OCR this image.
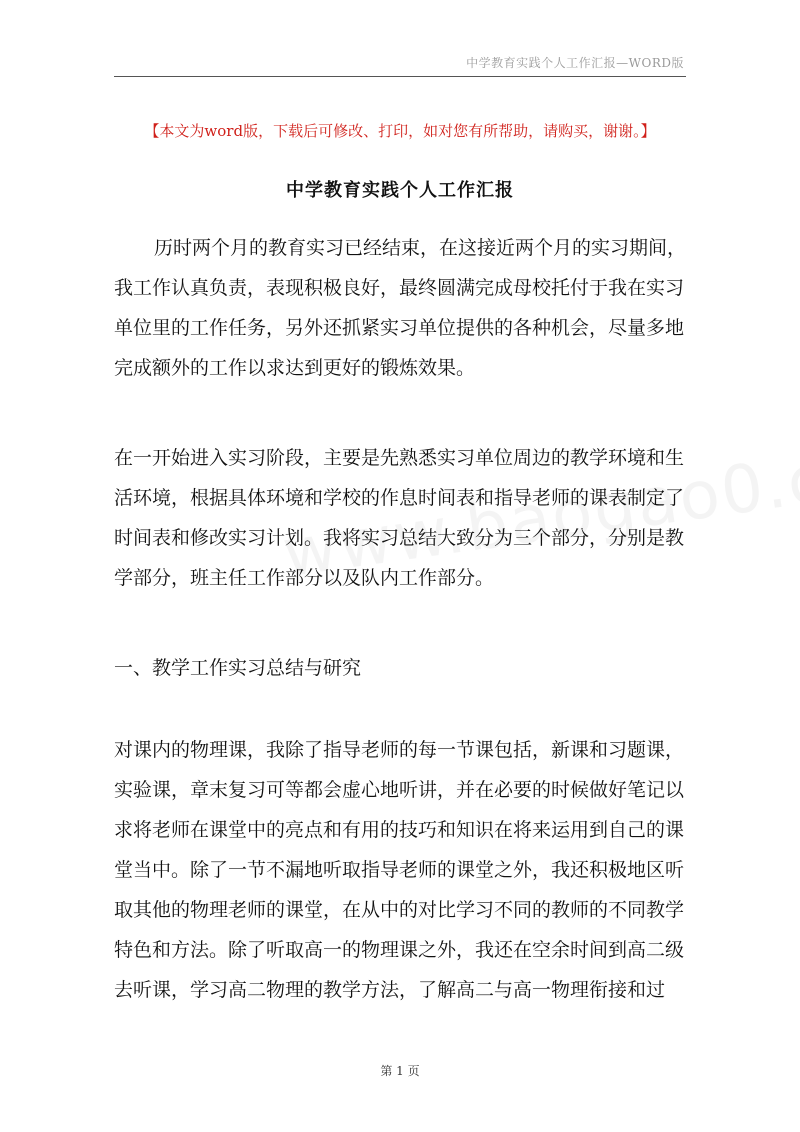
中学教育实践个人工作汇报—WORD版
【本文为word版，下载后可修改、打印，如对您有所帮助，请购买，谢谢。】
中学教育实践个人工作汇报

历时两个月的教育实习已经结束，在这接近两个月的实习期间，我工作认真负责，表现积极良好，最终圆满完成母校托付于我在实习单位里的工作任务，另外还抓紧实习单位提供的各种机会，尽量多地完成额外的工作以求达到更好的锻炼效果。

在一开始进入实习阶段，主要是先熟悉实习单位周边的教学环境和生活环境，根据具体环境和学校的作息时间表和指导老师的课表制定了时间表和修改实习计划。我将实习总结大致分为三个部分，分别是教学部分，班主任工作部分以及队内工作部分。

一、教学工作实习总结与研究

对课内的物理课，我除了指导老师的每一节课包括，新课和习题课，实验课，章末复习可等都会虚心地听讲，并在必要的时候做好笔记以求将老师在课堂中的亮点和有用的技巧和知识在将来运用到自己的课堂当中。除了一节不漏地听取指导老师的课堂之外，我还积极地区听取其他的物理老师的课堂，在从中的对比学习不同的教师的不同教学特色和方法。除了听取高一的物理课之外，我还在空余时间到高二级去听课，学习高二物理的教学方法，了解高二与高一物理衔接和过

第 1 页
